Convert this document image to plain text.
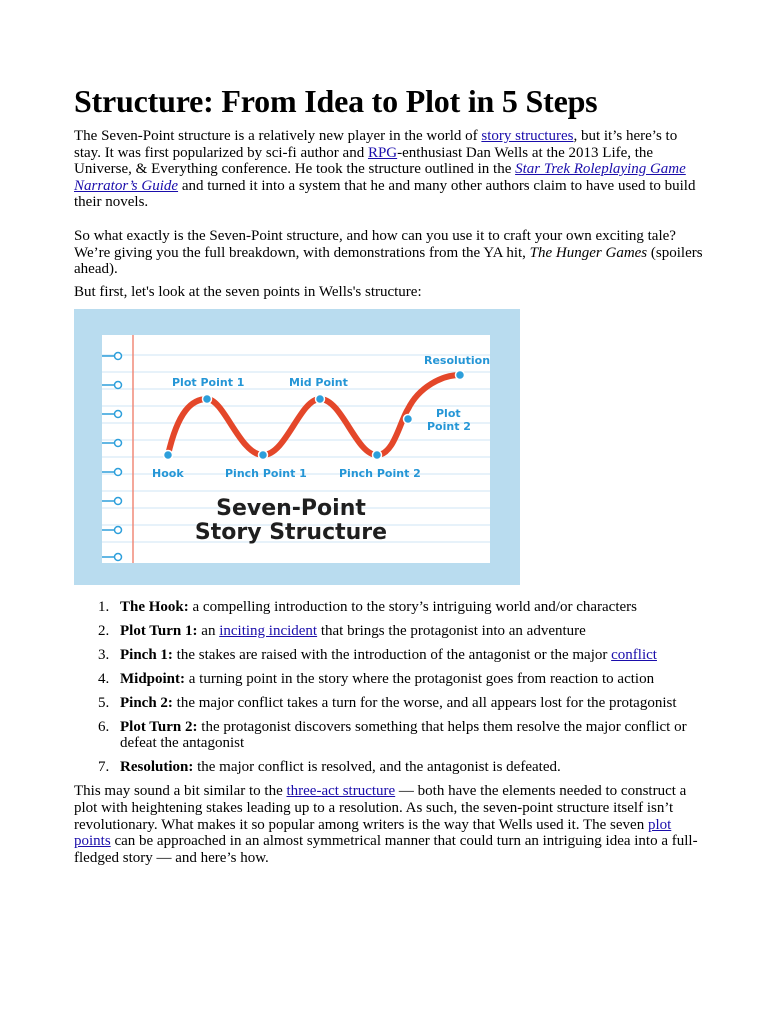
Structure: From Idea to Plot in 5 Steps

The Seven-Point structure is a relatively new player in the world of story structures, but it’s here’s to stay. It was first popularized by sci-fi author and RPG-enthusiast Dan Wells at the 2013 Life, the Universe, & Everything conference. He took the structure outlined in the Star Trek Roleplaying Game Narrator’s Guide and turned it into a system that he and many other authors claim to have used to build their novels.

So what exactly is the Seven-Point structure, and how can you use it to craft your own exciting tale? We’re giving you the full breakdown, with demonstrations from the YA hit, The Hunger Games (spoilers ahead).

But first, let's look at the seven points in Wells's structure:

Hook
Plot Point 1
Pinch Point 1
Mid Point
Pinch Point 2
Plot
Point 2
Resolution
Seven-Point
Story Structure
1. The Hook: a compelling introduction to the story’s intriguing world and/or characters
2. Plot Turn 1: an inciting incident that brings the protagonist into an adventure
3. Pinch 1: the stakes are raised with the introduction of the antagonist or the major conflict
4. Midpoint: a turning point in the story where the protagonist goes from reaction to action
5. Pinch 2: the major conflict takes a turn for the worse, and all appears lost for the protagonist
6. Plot Turn 2: the protagonist discovers something that helps them resolve the major conflict or defeat the antagonist
7. Resolution: the major conflict is resolved, and the antagonist is defeated.

This may sound a bit similar to the three-act structure — both have the elements needed to construct a plot with heightening stakes leading up to a resolution. As such, the seven-point structure itself isn’t revolutionary. What makes it so popular among writers is the way that Wells used it. The seven plot points can be approached in an almost symmetrical manner that could turn an intriguing idea into a full-fledged story — and here’s how.
